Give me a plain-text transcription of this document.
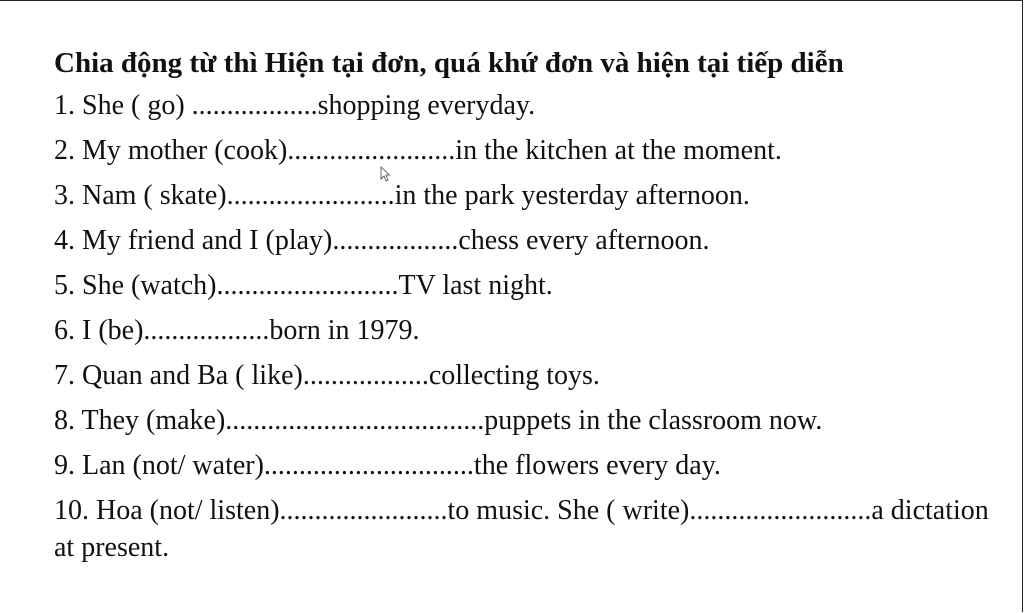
Chia động từ thì Hiện tại đơn, quá khứ đơn và hiện tại tiếp diễn
1. She ( go) ..................shopping everyday.
2. My mother (cook)........................in the kitchen at the moment.
3. Nam ( skate)........................in the park yesterday afternoon.
4. My friend and I (play)..................chess every afternoon.
5. She (watch)..........................TV last night.
6. I (be)..................born in 1979.
7. Quan and Ba ( like)..................collecting toys.
8. They (make).....................................puppets in the classroom now.
9. Lan (not/ water)..............................the flowers every day.
10. Hoa (not/ listen)........................to music. She ( write)..........................a dictation at present.
